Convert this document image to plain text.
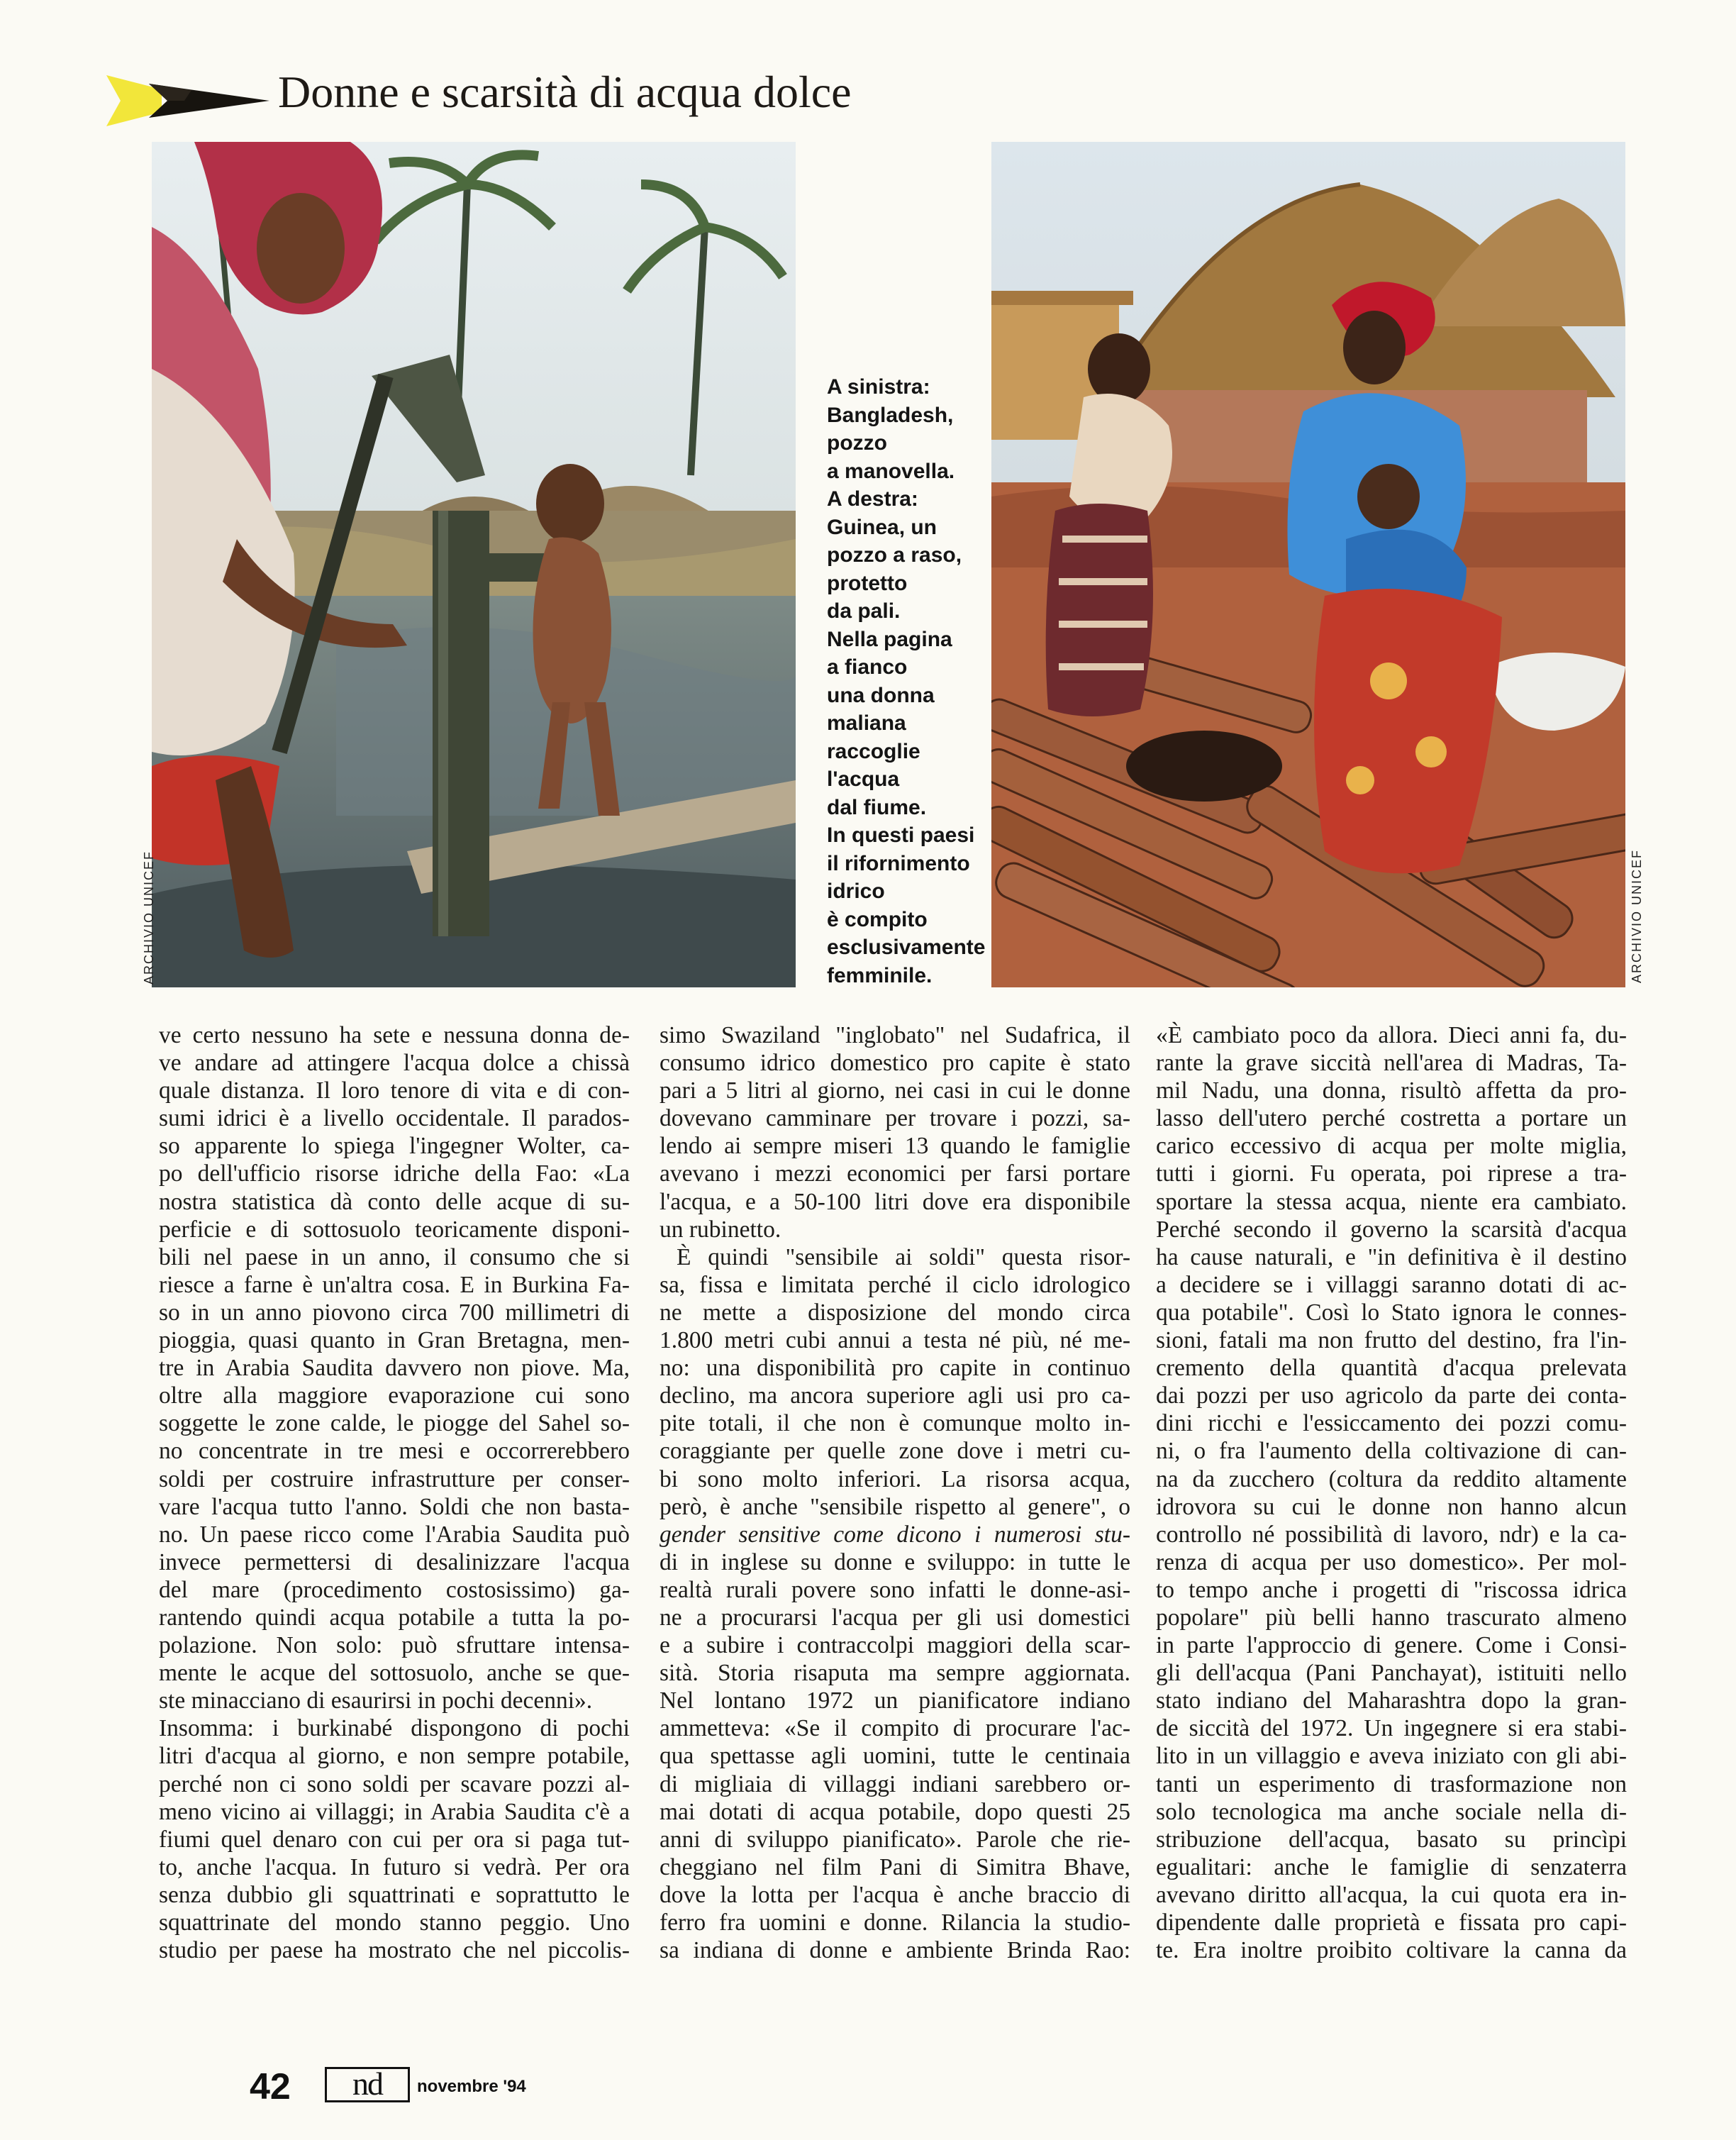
Donne e scarsità di acqua dolce
ARCHIVIO UNICEF
A sinistra:
Bangladesh,
pozzo
a manovella.
A destra:
Guinea, un
pozzo a raso,
protetto
da pali.
Nella pagina
a fianco
una donna
maliana
raccoglie
l'acqua
dal fiume.
In questi paesi
il rifornimento
idrico
è compito
esclusivamente
femminile.	ARCHIVIO UNICEF
ve certo nessuno ha sete e nessuna donna de-
ve andare ad attingere l'acqua dolce a chissà
quale distanza. Il loro tenore di vita e di con-
sumi idrici è a livello occidentale. Il parados-
so apparente lo spiega l'ingegner Wolter, ca-
po dell'ufficio risorse idriche della Fao: «La
nostra statistica dà conto delle acque di su-
perficie e di sottosuolo teoricamente disponi-
bili nel paese in un anno, il consumo che si
riesce a farne è un'altra cosa. E in Burkina Fa-
so in un anno piovono circa 700 millimetri di
pioggia, quasi quanto in Gran Bretagna, men-
tre in Arabia Saudita davvero non piove. Ma,
oltre alla maggiore evaporazione cui sono
soggette le zone calde, le piogge del Sahel so-
no concentrate in tre mesi e occorrerebbero
soldi per costruire infrastrutture per conser-
vare l'acqua tutto l'anno. Soldi che non basta-
no. Un paese ricco come l'Arabia Saudita può
invece permettersi di desalinizzare l'acqua
del mare (procedimento costosissimo) ga-
rantendo quindi acqua potabile a tutta la po-
polazione. Non solo: può sfruttare intensa-
mente le acque del sottosuolo, anche se que-
ste minacciano di esaurirsi in pochi decenni».
Insomma: i burkinabé dispongono di pochi
litri d'acqua al giorno, e non sempre potabile,
perché non ci sono soldi per scavare pozzi al-
meno vicino ai villaggi; in Arabia Saudita c'è a
fiumi quel denaro con cui per ora si paga tut-
to, anche l'acqua. In futuro si vedrà. Per ora
senza dubbio gli squattrinati e soprattutto le
squattrinate del mondo stanno peggio. Uno
studio per paese ha mostrato che nel piccolis-
simo Swaziland "inglobato" nel Sudafrica, il
consumo idrico domestico pro capite è stato
pari a 5 litri al giorno, nei casi in cui le donne
dovevano camminare per trovare i pozzi, sa-
lendo ai sempre miseri 13 quando le famiglie
avevano i mezzi economici per farsi portare
l'acqua, e a 50-100 litri dove era disponibile
un rubinetto.
È quindi "sensibile ai soldi" questa risor-
sa, fissa e limitata perché il ciclo idrologico
ne mette a disposizione del mondo circa
1.800 metri cubi annui a testa né più, né me-
no: una disponibilità pro capite in continuo
declino, ma ancora superiore agli usi pro ca-
pite totali, il che non è comunque molto in-
coraggiante per quelle zone dove i metri cu-
bi sono molto inferiori. La risorsa acqua,
però, è anche "sensibile rispetto al genere", o
gender sensitive come dicono i numerosi stu-
di in inglese su donne e sviluppo: in tutte le
realtà rurali povere sono infatti le donne-asi-
ne a procurarsi l'acqua per gli usi domestici
e a subire i contraccolpi maggiori della scar-
sità. Storia risaputa ma sempre aggiornata.
Nel lontano 1972 un pianificatore indiano
ammetteva: «Se il compito di procurare l'ac-
qua spettasse agli uomini, tutte le centinaia
di migliaia di villaggi indiani sarebbero or-
mai dotati di acqua potabile, dopo questi 25
anni di sviluppo pianificato». Parole che rie-
cheggiano nel film Pani di Simitra Bhave,
dove la lotta per l'acqua è anche braccio di
ferro fra uomini e donne. Rilancia la studio-
sa indiana di donne e ambiente Brinda Rao:
«È cambiato poco da allora. Dieci anni fa, du-
rante la grave siccità nell'area di Madras, Ta-
mil Nadu, una donna, risultò affetta da pro-
lasso dell'utero perché costretta a portare un
carico eccessivo di acqua per molte miglia,
tutti i giorni. Fu operata, poi riprese a tra-
sportare la stessa acqua, niente era cambiato.
Perché secondo il governo la scarsità d'acqua
ha cause naturali, e "in definitiva è il destino
a decidere se i villaggi saranno dotati di ac-
qua potabile". Così lo Stato ignora le connes-
sioni, fatali ma non frutto del destino, fra l'in-
cremento della quantità d'acqua prelevata
dai pozzi per uso agricolo da parte dei conta-
dini ricchi e l'essiccamento dei pozzi comu-
ni, o fra l'aumento della coltivazione di can-
na da zucchero (coltura da reddito altamente
idrovora su cui le donne non hanno alcun
controllo né possibilità di lavoro, ndr) e la ca-
renza di acqua per uso domestico». Per mol-
to tempo anche i progetti di "riscossa idrica
popolare" più belli hanno trascurato almeno
in parte l'approccio di genere. Come i Consi-
gli dell'acqua (Pani Panchayat), istituiti nello
stato indiano del Maharashtra dopo la gran-
de siccità del 1972. Un ingegnere si era stabi-
lito in un villaggio e aveva iniziato con gli abi-
tanti un esperimento di trasformazione non
solo tecnologica ma anche sociale nella di-
stribuzione dell'acqua, basato su princìpi
egualitari: anche le famiglie di senzaterra
avevano diritto all'acqua, la cui quota era in-
dipendente dalle proprietà e fissata pro capi-
te. Era inoltre proibito coltivare la canna da
42	nd	novembre '94
